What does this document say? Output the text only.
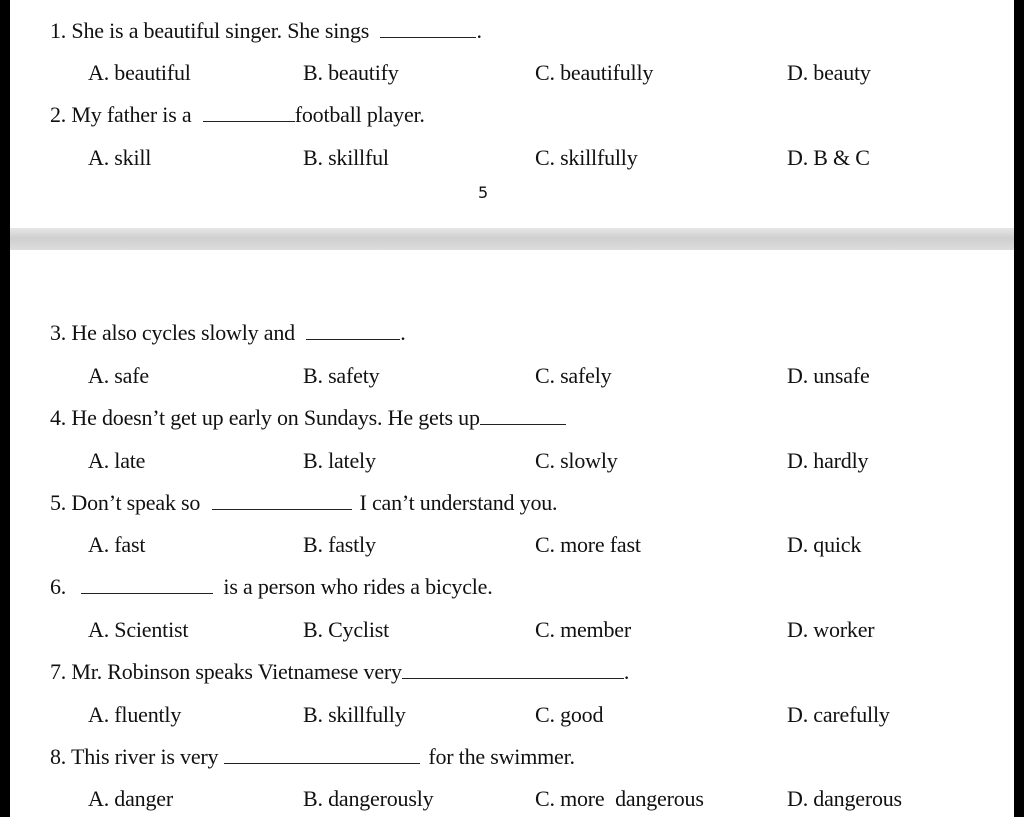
1. She is a beautiful singer. She sings	.
A. beautiful	B. beautify	C. beautifully	D. beauty
2. My father is a	football player.
A. skill	B. skillful	C. skillfully	D. B & C
5
3. He also cycles slowly and	.
A. safe	B. safety	C. safely	D. unsafe
4. He doesn’t get up early on Sundays. He gets up
A. late	B. lately	C. slowly	D. hardly
5. Don’t speak so	I can’t understand you.
A. fast	B. fastly	C. more fast	D. quick
6.	is a person who rides a bicycle.
A. Scientist	B. Cyclist	C. member	D. worker
7. Mr. Robinson speaks Vietnamese very	.
A. fluently	B. skillfully	C. good	D. carefully
8. This river is very	for the swimmer.
A. danger	B. dangerously	C. more  dangerous	D. dangerous
